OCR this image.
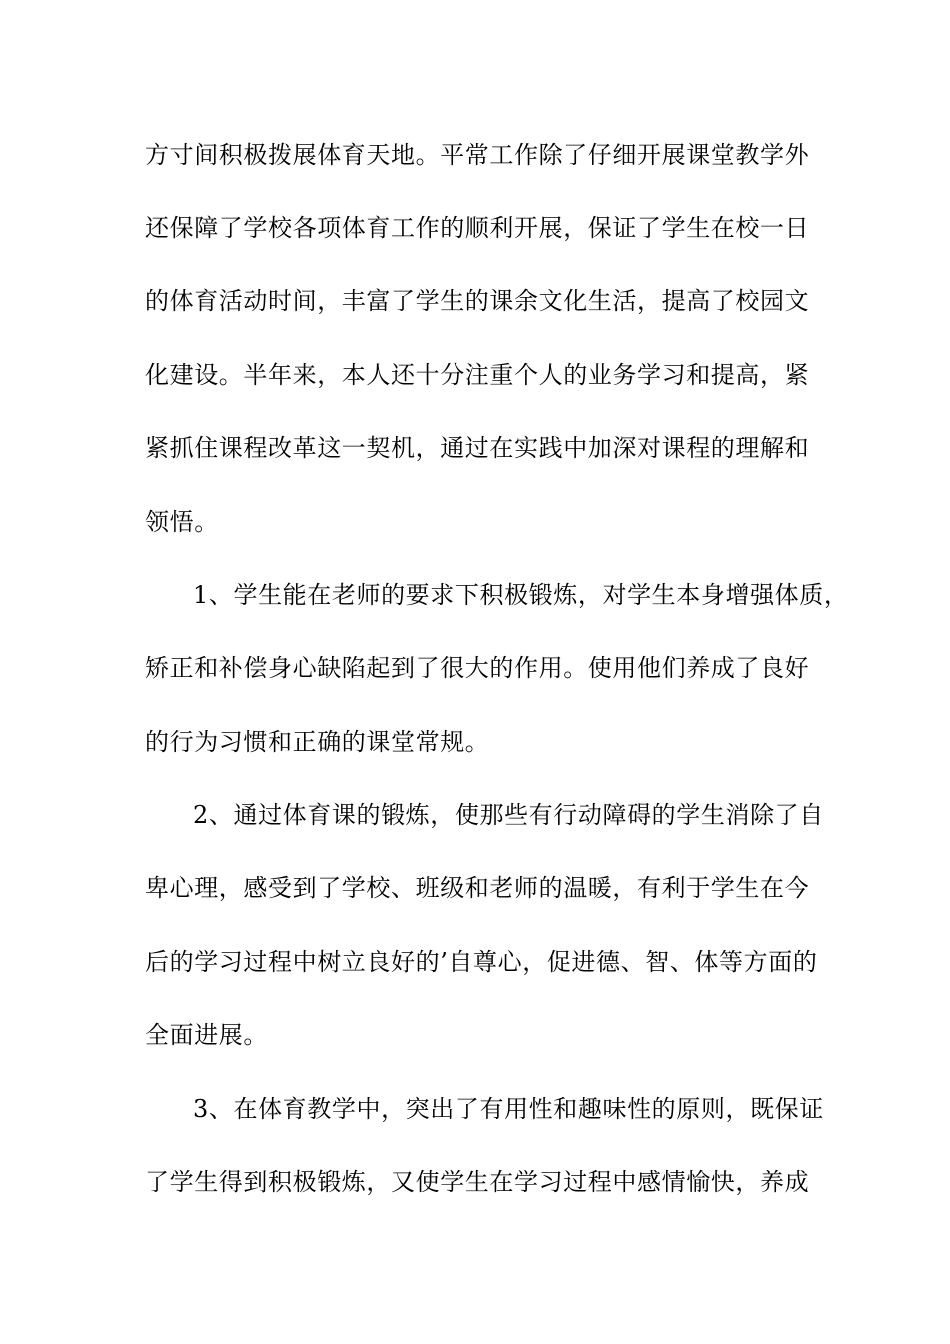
方寸间积极拨展体育天地。平常工作除了仔细开展课堂教学外
还保障了学校各项体育工作的顺利开展，保证了学生在校一日
的体育活动时间，丰富了学生的课余文化生活，提高了校园文
化建设。半年来，本人还十分注重个人的业务学习和提高，紧
紧抓住课程改革这一契机，通过在实践中加深对课程的理解和
领悟。
1、学生能在老师的要求下积极锻炼，对学生本身增强体质，
矫正和补偿身心缺陷起到了很大的作用。使用他们养成了良好
的行为习惯和正确的课堂常规。
2、通过体育课的锻炼，使那些有行动障碍的学生消除了自
卑心理，感受到了学校、班级和老师的温暖，有利于学生在今
后的学习过程中树立良好的’自尊心，促进德、智、体等方面的
全面进展。
3、在体育教学中，突出了有用性和趣味性的原则，既保证
了学生得到积极锻炼，又使学生在学习过程中感情愉快，养成
